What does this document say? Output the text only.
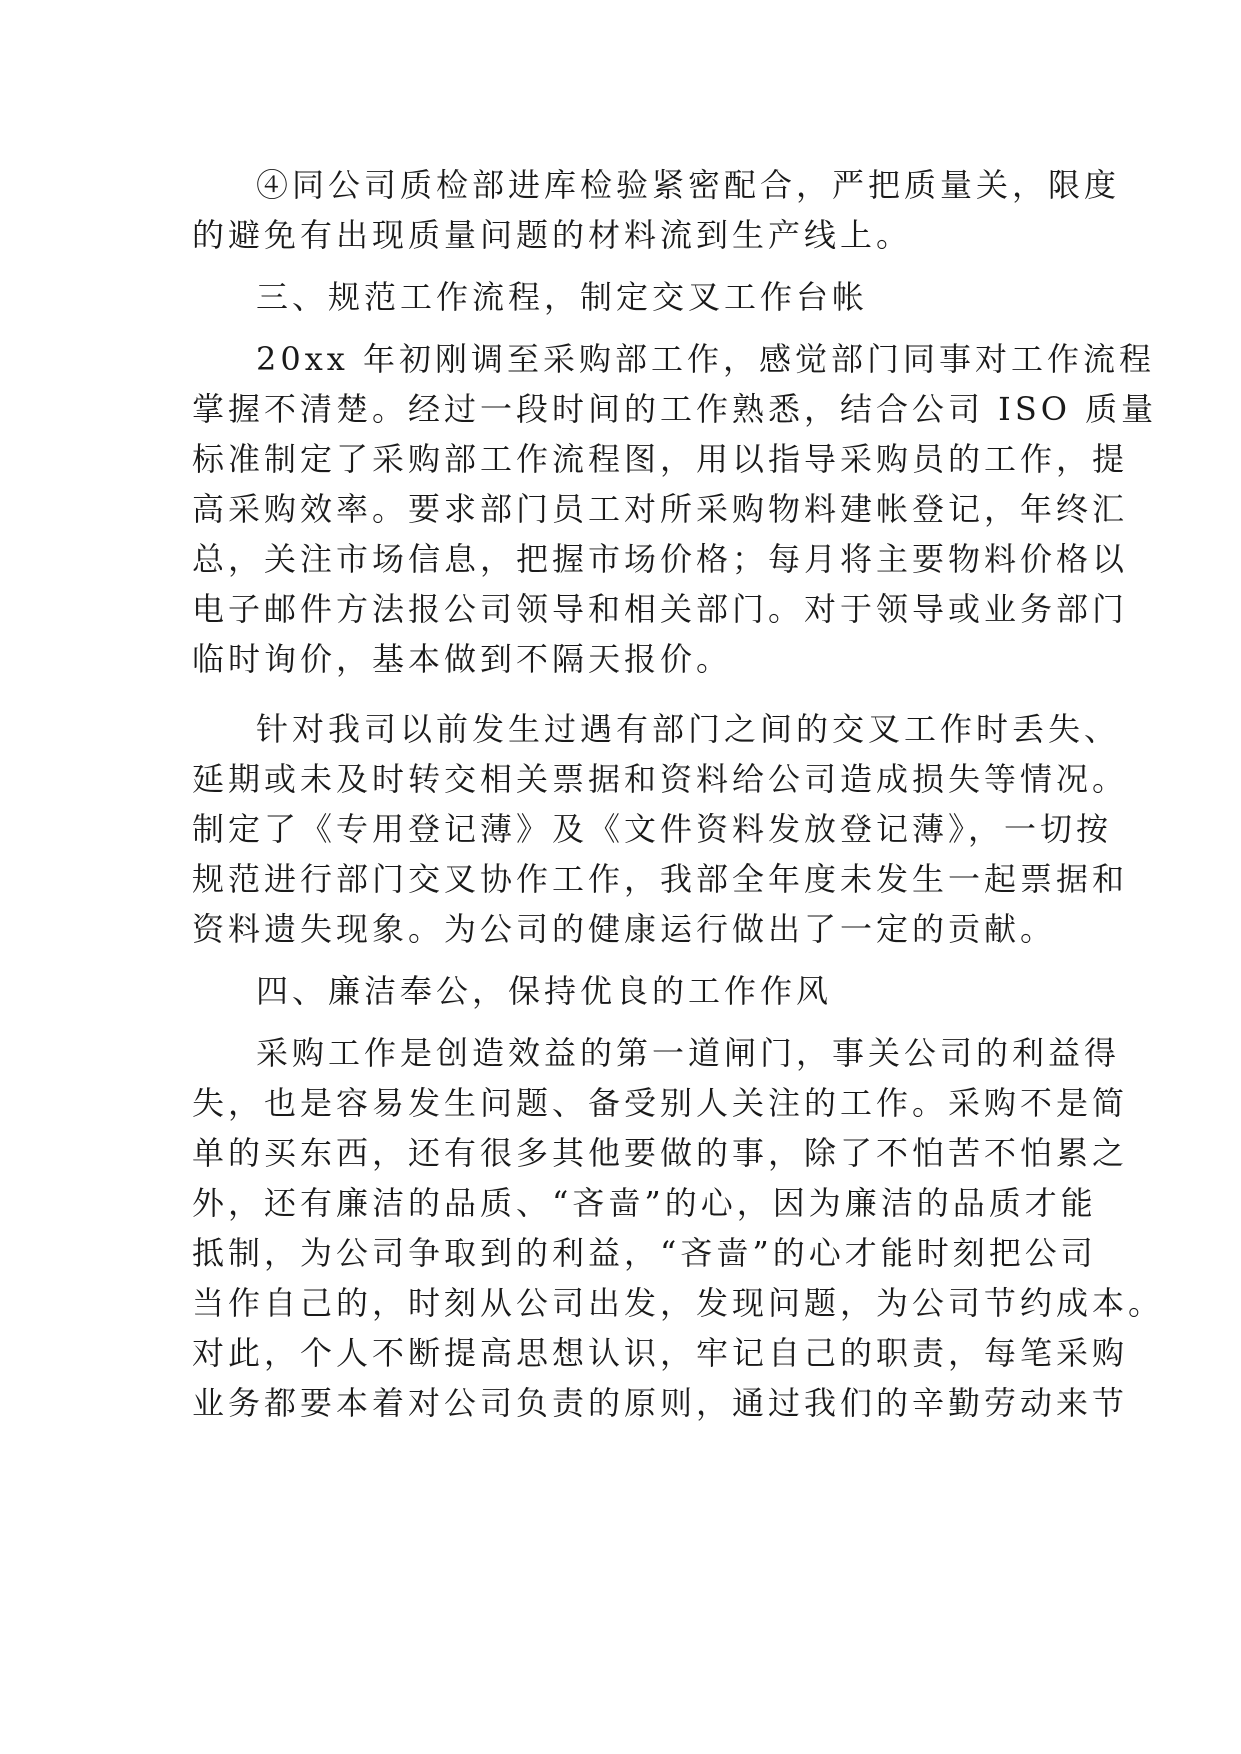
④同公司质检部进库检验紧密配合，严把质量关，限度
的避免有出现质量问题的材料流到生产线上。
三、规范工作流程，制定交叉工作台帐
20xx 年初刚调至采购部工作，感觉部门同事对工作流程
掌握不清楚。经过一段时间的工作熟悉，结合公司 ISO 质量
标准制定了采购部工作流程图，用以指导采购员的工作，提
高采购效率。要求部门员工对所采购物料建帐登记，年终汇
总，关注市场信息，把握市场价格；每月将主要物料价格以
电子邮件方法报公司领导和相关部门。对于领导或业务部门
临时询价，基本做到不隔天报价。
针对我司以前发生过遇有部门之间的交叉工作时丢失、
延期或未及时转交相关票据和资料给公司造成损失等情况。
制定了《专用登记薄》及《文件资料发放登记薄》，一切按
规范进行部门交叉协作工作，我部全年度未发生一起票据和
资料遗失现象。为公司的健康运行做出了一定的贡献。
四、廉洁奉公，保持优良的工作作风
采购工作是创造效益的第一道闸门，事关公司的利益得
失，也是容易发生问题、备受别人关注的工作。采购不是简
单的买东西，还有很多其他要做的事，除了不怕苦不怕累之
外，还有廉洁的品质、“吝啬”的心，因为廉洁的品质才能
抵制，为公司争取到的利益，“吝啬”的心才能时刻把公司
当作自己的，时刻从公司出发，发现问题，为公司节约成本。
对此，个人不断提高思想认识，牢记自己的职责，每笔采购
业务都要本着对公司负责的原则，通过我们的辛勤劳动来节
